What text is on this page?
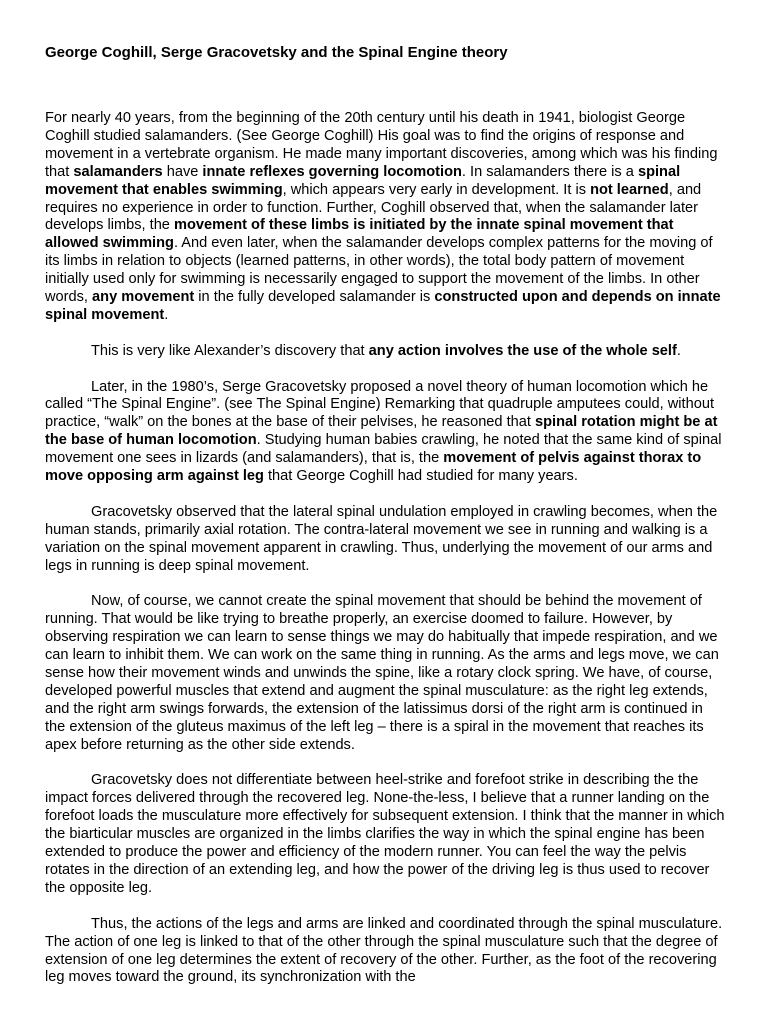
George Coghill, Serge Gracovetsky and the Spinal Engine theory

For nearly 40 years, from the beginning of the 20th century until his death in 1941, biologist George Coghill studied salamanders. (See George Coghill) His goal was to find the origins of response and movement in a vertebrate organism. He made many important discoveries, among which was his finding that salamanders have innate reflexes governing locomotion. In salamanders there is a spinal movement that enables swimming, which appears very early in development. It is not learned, and requires no experience in order to function. Further, Coghill observed that, when the salamander later develops limbs, the movement of these limbs is initiated by the innate spinal movement that allowed swimming. And even later, when the salamander develops complex patterns for the moving of its limbs in relation to objects (learned patterns, in other words), the total body pattern of movement initially used only for swimming is necessarily engaged to support the movement of the limbs. In other words, any movement in the fully developed salamander is constructed upon and depends on innate spinal movement.

This is very like Alexander’s discovery that any action involves the use of the whole self.

Later, in the 1980’s, Serge Gracovetsky proposed a novel theory of human locomotion which he called “The Spinal Engine”. (see The Spinal Engine) Remarking that quadruple amputees could, without practice, “walk” on the bones at the base of their pelvises, he reasoned that spinal rotation might be at the base of human locomotion. Studying human babies crawling, he noted that the same kind of spinal movement one sees in lizards (and salamanders), that is, the movement of pelvis against thorax to move opposing arm against leg that George Coghill had studied for many years.

Gracovetsky observed that the lateral spinal undulation employed in crawling becomes, when the human stands, primarily axial rotation. The contra-lateral movement we see in running and walking is a variation on the spinal movement apparent in crawling. Thus, underlying the movement of our arms and legs in running is deep spinal movement.

Now, of course, we cannot create the spinal movement that should be behind the movement of running. That would be like trying to breathe properly, an exercise doomed to failure. However, by observing respiration we can learn to sense things we may do habitually that impede respiration, and we can learn to inhibit them. We can work on the same thing in running. As the arms and legs move, we can sense how their movement winds and unwinds the spine, like a rotary clock spring. We have, of course, developed powerful muscles that extend and augment the spinal musculature: as the right leg extends, and the right arm swings forwards, the extension of the latissimus dorsi of the right arm is continued in the extension of the gluteus maximus of the left leg – there is a spiral in the movement that reaches its apex before returning as the other side extends.

Gracovetsky does not differentiate between heel-strike and forefoot strike in describing the the impact forces delivered through the recovered leg. None-the-less, I believe that a runner landing on the forefoot loads the musculature more effectively for subsequent extension. I think that the manner in which the biarticular muscles are organized in the limbs clarifies the way in which the spinal engine has been extended to produce the power and efficiency of the modern runner. You can feel the way the pelvis rotates in the direction of an extending leg, and how the power of the driving leg is thus used to recover the opposite leg.

Thus, the actions of the legs and arms are linked and coordinated through the spinal musculature. The action of one leg is linked to that of the other through the spinal musculature such that the degree of extension of one leg determines the extent of recovery of the other. Further, as the foot of the recovering leg moves toward the ground, its synchronization with the
